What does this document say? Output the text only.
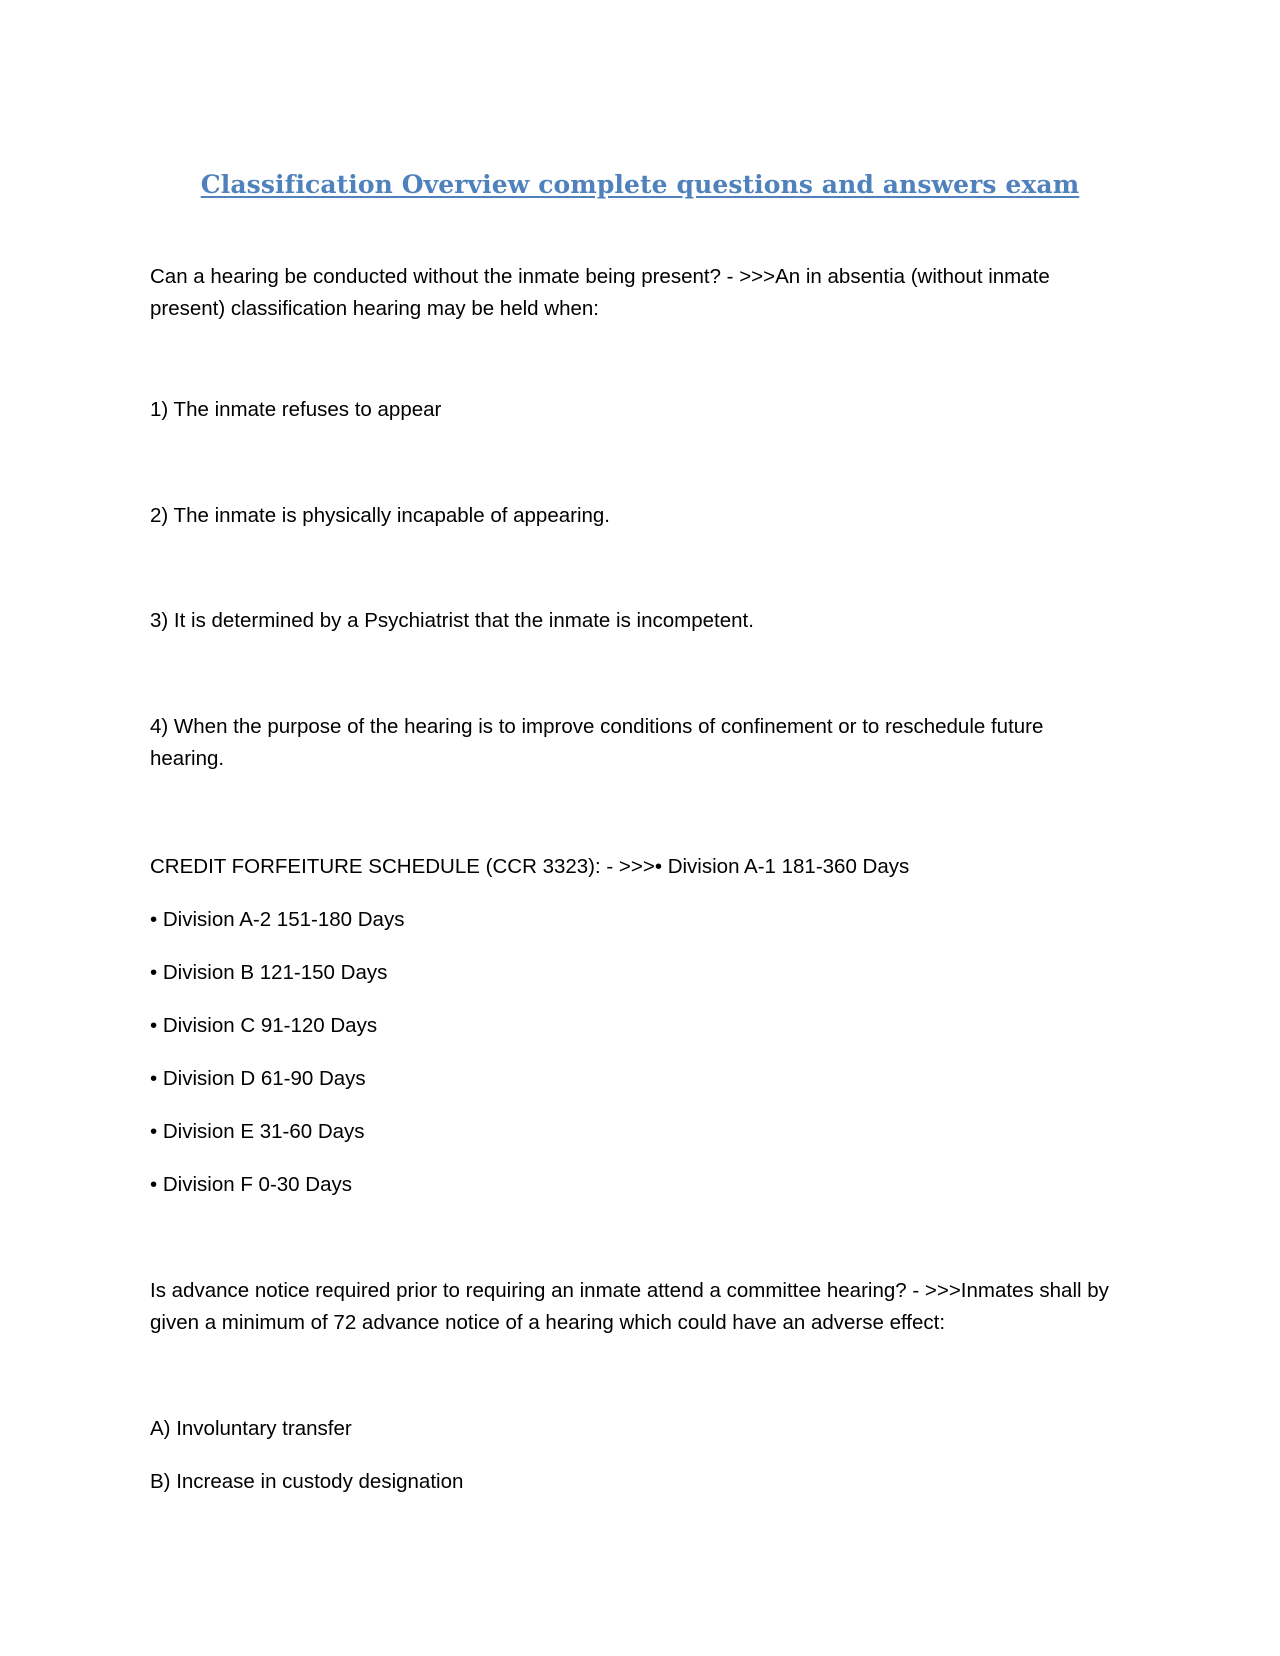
Classification Overview complete questions and answers exam

Can a hearing be conducted without the inmate being present? - >>>An in absentia (without inmate present) classification hearing may be held when:

1) The inmate refuses to appear

2) The inmate is physically incapable of appearing.

3) It is determined by a Psychiatrist that the inmate is incompetent.

4) When the purpose of the hearing is to improve conditions of confinement or to reschedule future hearing.

CREDIT FORFEITURE SCHEDULE (CCR 3323): - >>>• Division A-1 181-360 Days

• Division A-2 151-180 Days

• Division B 121-150 Days

• Division C 91-120 Days

• Division D 61-90 Days

• Division E 31-60 Days

• Division F 0-30 Days

Is advance notice required prior to requiring an inmate attend a committee hearing? - >>>Inmates shall by given a minimum of 72 advance notice of a hearing which could have an adverse effect:

A) Involuntary transfer

B) Increase in custody designation
